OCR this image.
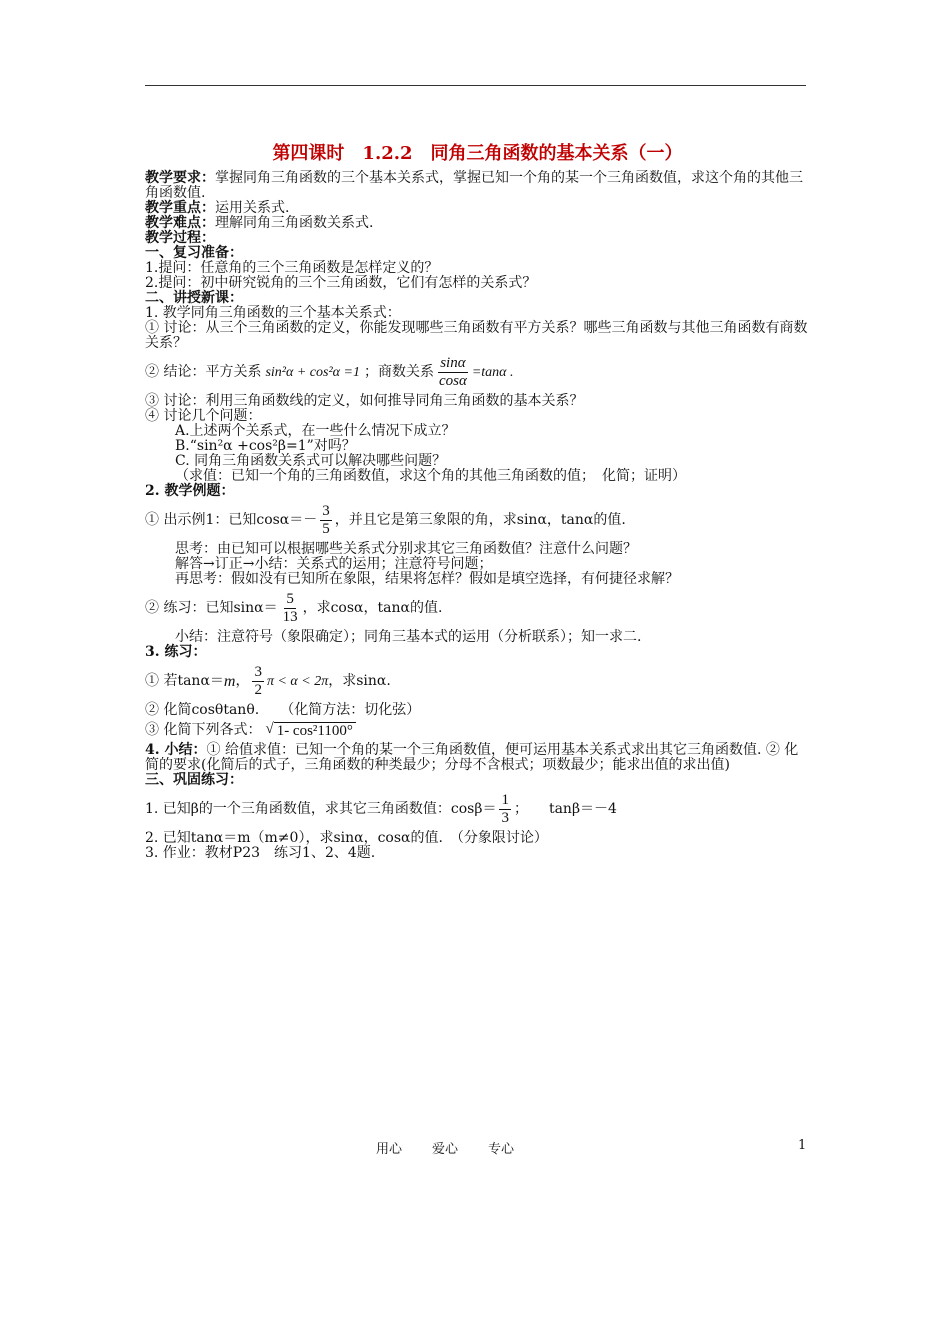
第四课时　1.2.2　同角三角函数的基本关系（一）
教学要求：掌握同角三角函数的三个基本关系式，掌握已知一个角的某一个三角函数值，求这个角的其他三角函数值.
教学重点：运用关系式.
教学难点：理解同角三角函数关系式.
教学过程：
一、复习准备：
1.提问：任意角的三个三角函数是怎样定义的？
2.提问：初中研究锐角的三个三角函数，它们有怎样的关系式？
二、讲授新课：
1. 教学同角三角函数的三个基本关系式：
① 讨论：从三个三角函数的定义，你能发现哪些三角函数有平方关系？哪些三角函数与其他三角函数有商数关系？
② 结论：平方关系 sin²α + cos²α =1 ；商数关系 $\frac{\sin\alpha}{\cos\alpha} =\tan\alpha$ .
③ 讨论：利用三角函数线的定义，如何推导同角三角函数的基本关系？
④ 讨论几个问题：
A.上述两个关系式，在一些什么情况下成立？
B.“sin²α +cos²β=1”对吗？
C. 同角三角函数关系式可以解决哪些问题？
（求值：已知一个角的三角函数值，求这个角的其他三角函数的值；　化简；证明）
2. 教学例题：
① 出示例1：已知$\cos\alpha=- \frac{3}{5}$ ，并且它是第三象限的角，求sinα，tanα的值.
思考：由已知可以根据哪些关系式分别求其它三角函数值？注意什么问题？
解答→订正→小结：关系式的运用；注意符号问题；
再思考：假如没有已知所在象限，结果将怎样？假如是填空选择，有何捷径求解？
② 练习：已知$\sin\alpha= \frac{5}{13}$ ，求cosα，tanα的值.
小结：注意符号（象限确定）；同角三基本式的运用（分析联系）；知一求二.
3. 练习：
① 若tanα＝ m ， $\frac{3}{2}$ π < α < 2π ，求sinα.
② 化简cosθtanθ.　　（化简方法：切化弦）
③ 化简下列各式： √ 1- cos²1100°
4. 小结：① 给值求值：已知一个角的某一个三角函数值，便可运用基本关系式求出其它三角函数值. ② 化简的要求(化简后的式子，三角函数的种类最少；分母不含根式；项数最少；能求出值的求出值)
三、巩固练习：
1. 已知β的一个三角函数值，求其它三角函数值：$\cos\beta= \frac{1}{3}$ ；　　tanβ＝－4
2. 已知tanα＝m（m≠0），求sinα，cosα的值.　（分象限讨论）
3. 作业：教材P23　练习1、2、4题.
用心 爱心 专心	1
